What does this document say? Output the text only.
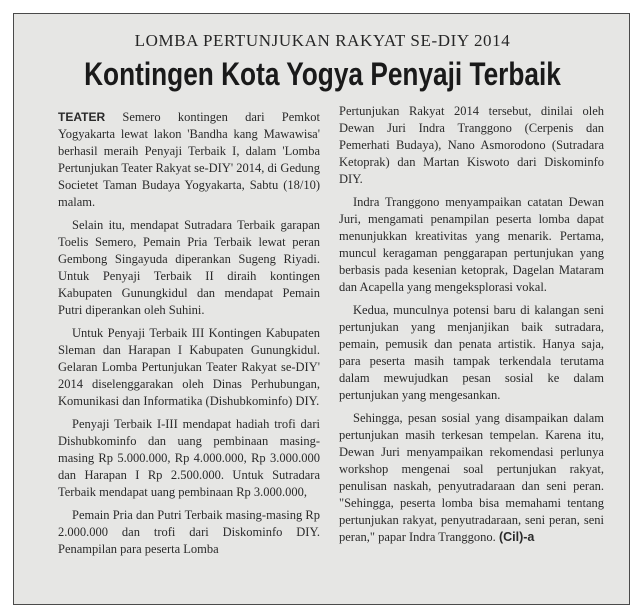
LOMBA PERTUNJUKAN RAKYAT SE-DIY 2014
Kontingen Kota Yogya Penyaji Terbaik

TEATER Semero kontingen dari Pemkot Yogyakarta lewat lakon 'Bandha kang Mawawisa' berhasil meraih Penyaji Terbaik I, dalam 'Lomba Pertunjukan Teater Rakyat se-DIY' 2014, di Gedung Societet Taman Budaya Yogyakarta, Sabtu (18/10) malam.

Selain itu, mendapat Sutradara Terbaik garapan Toelis Semero, Pemain Pria Terbaik lewat peran Gembong Singayuda diperankan Sugeng Riyadi. Untuk Penyaji Terbaik II diraih kontingen Kabupaten Gunungkidul dan mendapat Pemain Putri diperankan oleh Suhini.

Untuk Penyaji Terbaik III Kontingen Kabupaten Sleman dan Harapan I Kabupaten Gunungkidul. Gelaran Lomba Pertunjukan Teater Rakyat se-DIY' 2014 diselenggarakan oleh Dinas Perhubungan, Komunikasi dan Informatika (Dishubkominfo) DIY.

Penyaji Terbaik I-III mendapat hadiah trofi dari Dishubkominfo dan uang pembinaan masing-masing Rp 5.000.000, Rp 4.000.000, Rp 3.000.000 dan Harapan I Rp 2.500.000. Untuk Sutradara Terbaik mendapat uang pembinaan Rp 3.000.000,

Pemain Pria dan Putri Terbaik masing-masing Rp 2.000.000 dan trofi dari Diskominfo DIY. Penampilan para peserta Lomba

Pertunjukan Rakyat 2014 tersebut, dinilai oleh Dewan Juri Indra Tranggono (Cerpenis dan Pemerhati Budaya), Nano Asmorodono (Sutradara Ketoprak) dan Martan Kiswoto dari Diskominfo DIY.

Indra Tranggono menyampaikan catatan Dewan Juri, mengamati penampilan peserta lomba dapat menunjukkan kreativitas yang menarik. Pertama, muncul keragaman penggarapan pertunjukan yang berbasis pada kesenian ketoprak, Dagelan Mataram dan Acapella yang mengeksplorasi vokal.

Kedua, munculnya potensi baru di kalangan seni pertunjukan yang menjanjikan baik sutradara, pemain, pemusik dan penata artistik. Hanya saja, para peserta masih tampak terkendala terutama dalam mewujudkan pesan sosial ke dalam pertunjukan yang mengesankan.

Sehingga, pesan sosial yang disampaikan dalam pertunjukan masih terkesan tempelan. Karena itu, Dewan Juri menyampaikan rekomendasi perlunya workshop mengenai soal pertunjukan rakyat, penulisan naskah, penyutradaraan dan seni peran. "Sehingga, peserta lomba bisa memahami tentang pertunjukan rakyat, penyutradaraan, seni peran, seni peran," papar Indra Tranggono. (Cil)-a
